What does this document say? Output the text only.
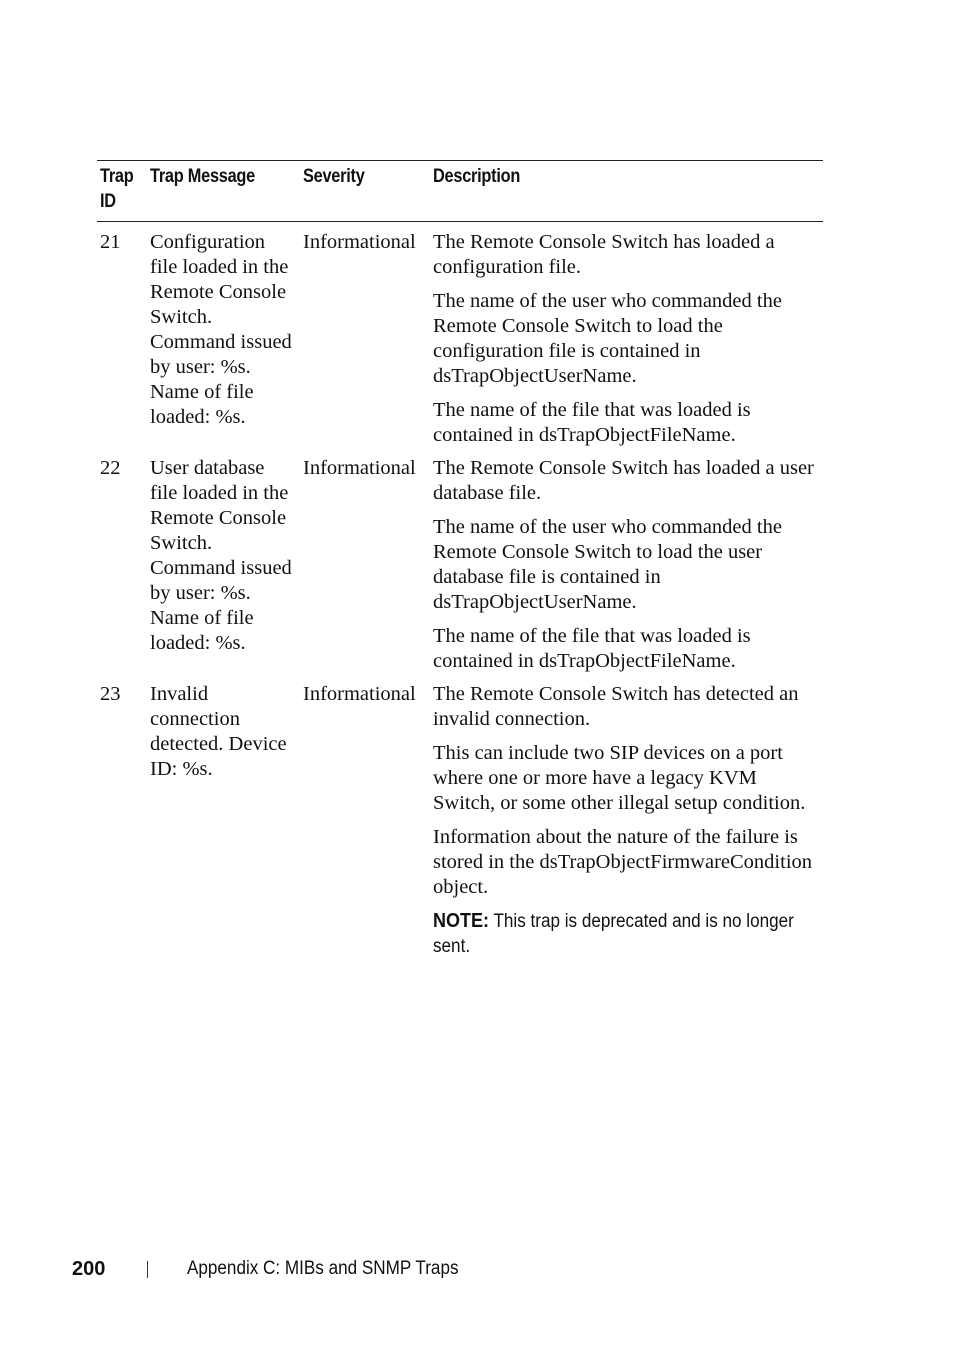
Trap ID	Trap Message	Severity	Description
21	Configuration file loaded in the Remote Console Switch. Command issued by user: %s. Name of file loaded: %s.	Informational	The Remote Console Switch has loaded a configuration file.

The name of the user who commanded the Remote Console Switch to load the configuration file is contained in dsTrapObjectUserName.

The name of the file that was loaded is contained in dsTrapObjectFileName.

22	User database file loaded in the Remote Console Switch. Command issued by user: %s. Name of file loaded: %s.	Informational	The Remote Console Switch has loaded a user database file.

The name of the user who commanded the Remote Console Switch to load the user database file is contained in dsTrapObjectUserName.

The name of the file that was loaded is contained in dsTrapObjectFileName.

23	Invalid connection detected. Device ID: %s.	Informational	The Remote Console Switch has detected an invalid connection.

This can include two SIP devices on a port where one or more have a legacy KVM Switch, or some other illegal setup condition.

Information about the nature of the failure is stored in the dsTrapObjectFirmwareCondition object.

NOTE: This trap is deprecated and is no longer sent.
200	Appendix C: MIBs and SNMP Traps
